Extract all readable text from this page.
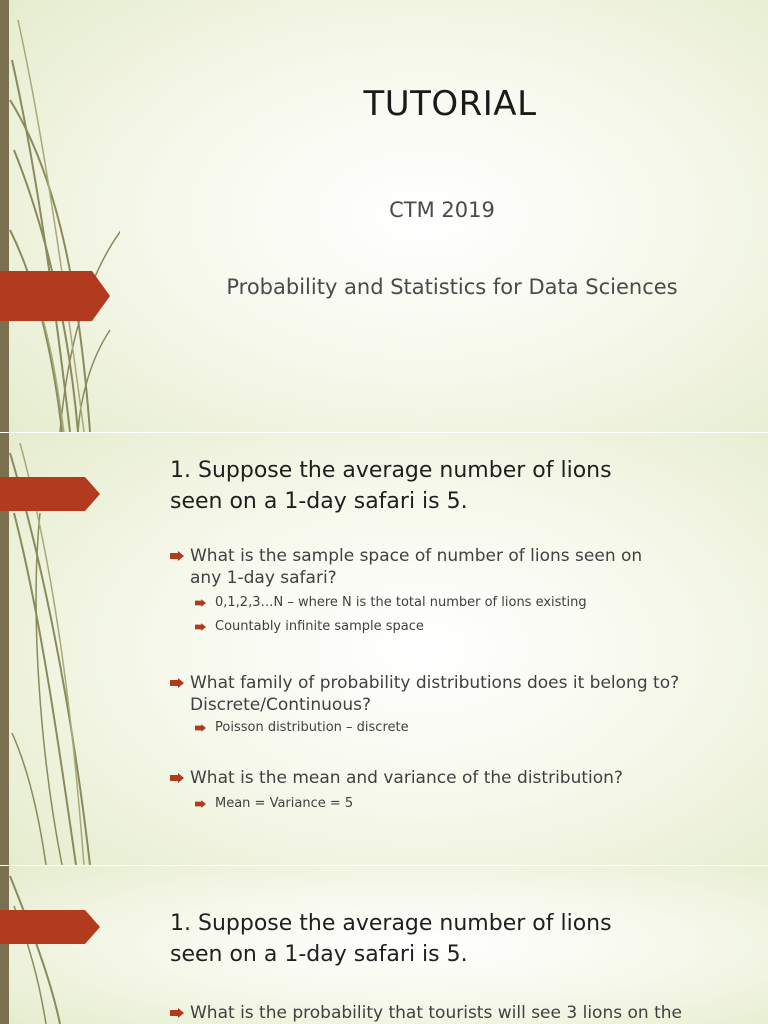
TUTORIAL
CTM 2019
Probability and Statistics for Data Sciences
1. Suppose the average number of lions
seen on a 1-day safari is 5.
What is the sample space of number of lions seen on
any 1-day safari?
0,1,2,3…N – where N is the total number of lions existing
Countably infinite sample space
What family of probability distributions does it belong to?
Discrete/Continuous?
Poisson distribution – discrete
What is the mean and variance of the distribution?
Mean = Variance = 5
1. Suppose the average number of lions
seen on a 1-day safari is 5.
What is the probability that tourists will see 3 lions on the
